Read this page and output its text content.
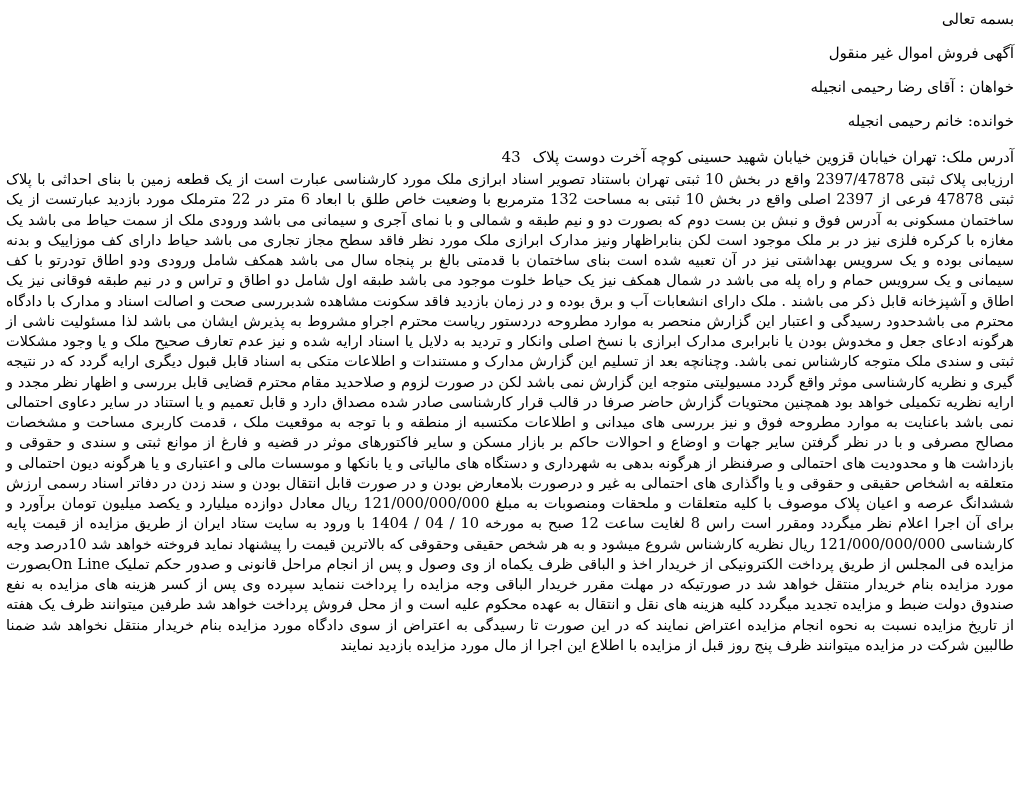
بسمه تعالی

آگهی فروش اموال غیر منقول

خواهان : آقای رضا رحیمی انجیله

خوانده: خانم رحیمی انجیله

آدرس ملک: تهران خیابان قزوین خیابان شهید حسینی کوچه آخرت دوست پلاک43
ارزیابی پلاک ثبتی 2397/47878 واقع در بخش 10 ثبتی تهران باستناد تصویر اسناد ابرازی ملک مورد کارشناسی عبارت است از یک قطعه زمین با بنای احداثی با پلاک ثبتی 47878 فرعی از 2397 اصلی واقع در بخش 10 ثبتی به مساحت 132 مترمربع با وضعیت خاص طلق با ابعاد 6 متر در 22 مترملک مورد بازدید عبارتست از یک ساختمان مسکونی به آدرس فوق و نبش بن بست دوم که بصورت دو و نیم طبقه و شمالی و با نمای آجری و سیمانی می باشد ورودی ملک از سمت حیاط می باشد یک مغازه با کرکره فلزی نیز در بر ملک موجود است لکن بنابراظهار ونیز مدارک ابرازی ملک مورد نظر فاقد سطح مجاز تجاری می باشد حیاط دارای کف موزاییک و بدنه سیمانی بوده و یک سرویس بهداشتی نیز در آن تعبیه شده است بنای ساختمان با قدمتی بالغ بر پنجاه سال می باشد همکف شامل ورودی ودو اطاق تودرتو با کف سیمانی و یک سرویس حمام و راه پله می باشد در شمال همکف نیز یک حیاط خلوت موجود می باشد طبقه اول شامل دو اطاق و تراس و در نیم طبقه فوقانی نیز یک اطاق و آشپزخانه قابل ذکر می باشند . ملک دارای انشعابات آب و برق بوده و در زمان بازدید فاقد سکونت مشاهده شدبررسی صحت و اصالت اسناد و مدارک با دادگاه محترم می باشدحدود رسیدگی و اعتبار این گزارش منحصر به موارد مطروحه دردستور ریاست محترم اجراو مشروط به پذیرش ایشان می باشد لذا مسئولیت ناشی از هرگونه ادعای جعل و مخدوش بودن یا نابرابری مدارک ابرازی با نسخ اصلی وانکار و تردید به دلایل یا اسناد ارایه شده و نیز عدم تعارف صحیح ملک و یا وجود مشکلات ثبتی و سندی ملک متوجه کارشناس نمی باشد. وچنانچه بعد از تسلیم این گزارش مدارک و مستندات و اطلاعات متکی به اسناد قابل قبول دیگری ارایه گردد که در نتیجه گیری و نظریه کارشناسی موثر واقع گردد مسیولیتی متوجه این گزارش نمی باشد لکن در صورت لزوم و صلاحدید مقام محترم قضایی قابل بررسی و اظهار نظر مجدد و ارایه نظریه تکمیلی خواهد بود همچنین محتویات گزارش حاضر صرفا در قالب قرار کارشناسی صادر شده مصداق دارد و قابل تعمیم و یا استناد در سایر دعاوی احتمالی نمی باشد باعنایت به موارد مطروحه فوق و نیز بررسی های میدانی و اطلاعات مکتسبه از منطقه و با توجه به موقعیت ملک ، قدمت کاربری مساحت و مشخصات مصالح مصرفی و با در نظر گرفتن سایر جهات و اوضاع و احوالات حاکم بر بازار مسکن و سایر فاکتورهای موثر در قضیه و فارغ از موانع ثبتی و سندی و حقوقی و بازداشت ها و محدودیت های احتمالی و صرفنظر از هرگونه بدهی به شهرداری و دستگاه های مالیاتی و یا بانکها و موسسات مالی و اعتباری و یا هرگونه دیون احتمالی و متعلقه به اشخاص حقیقی و حقوقی و یا واگذاری های احتمالی به غیر و درصورت بلامعارض بودن و در صورت قابل انتقال بودن و سند زدن در دفاتر اسناد رسمی ارزش ششدانگ عرصه و اعیان پلاک موصوف با کلیه متعلقات و ملحقات ومنصوبات به مبلغ 121/000/000/000 ریال معادل دوازده میلیارد و یکصد میلیون تومان برآورد و برای آن اجرا اعلام نظر میگردد ومقرر است راس 8 لغایت ساعت 12 صبح به مورخه 10 / 04 / 1404 با ورود به سایت ستاد ایران از طریق مزایده از قیمت پایه کارشناسی 121/000/000/000 ریال نظریه کارشناس شروع میشود و به هر شخص حقیقی وحقوقی که بالاترین قیمت را پیشنهاد نماید فروخته خواهد شد 10درصد وجه مزایده فی المجلس از طریق پرداخت الکترونیکی از خریدار اخذ و الباقی ظرف یکماه از وی وصول و پس از انجام مراحل قانونی و صدور حکم تملیک On Lineبصورت مورد مزایده بنام خریدار منتقل خواهد شد در صورتیکه در مهلت مقرر خریدار الباقی وجه مزایده را پرداخت ننماید سپرده وی پس از کسر هزینه های مزایده به نفع صندوق دولت ضبط و مزایده تجدید میگردد کلیه هزینه های نقل و انتقال به عهده محکوم علیه است و از محل فروش پرداخت خواهد شد طرفین میتوانند ظرف یک هفته از تاریخ مزایده نسبت به نحوه انجام مزایده اعتراض نمایند که در این صورت تا رسیدگی به اعتراض از سوی دادگاه مورد مزایده بنام خریدار منتقل نخواهد شد ضمنا طالبین شرکت در مزایده میتوانند ظرف پنج روز قبل از مزایده با اطلاع این اجرا از مال مورد مزایده بازدید نمایند
